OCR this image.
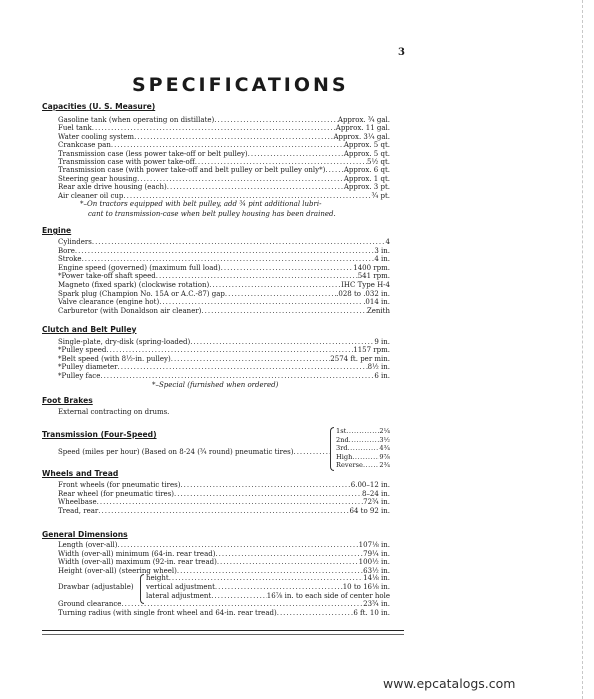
3
SPECIFICATIONS
Capacities (U. S. Measure)
Gasoline tank (when operating on distillate) .....	Approx. ¾ gal.
Fuel tank .....	Approx. 11 gal.
Water cooling system .....	Approx. 3¼ gal.
Crankcase pan .....	Approx. 5 qt.
Transmission case (less power take-off or belt pulley) .....	Approx. 5 qt.
Transmission case with power take-off .....	5½ qt.
Transmission case (with power take-off and belt pulley or belt pulley only*) .....	Approx. 6 qt.
Steering gear housing .....	Approx. 1 qt.
Rear axle drive housing (each) .....	Approx. 3 pt.
Air cleaner oil cup .....	¾ pt.
*–On tractors equipped with belt pulley, add ¾ pint additional lubri-
cant to transmission-case when belt pulley housing has been drained.
Engine
Cylinders .....	4
Bore .....	3 in.
Stroke .....	4 in.
Engine speed (governed) (maximum full load) .....	1400 rpm.
*Power take-off shaft speed .....	541 rpm.
Magneto (fixed spark) (clockwise rotation) .....	IHC Type H-4
Spark plug (Champion No. 15A or A.C.-87) gap .....	.028 to .032 in.
Valve clearance (engine hot) .....	.014 in.
Carburetor (with Donaldson air cleaner) .....	Zenith
Clutch and Belt Pulley
Single-plate, dry-disk (spring-loaded) .....	9 in.
*Pulley speed .....	1157 rpm.
*Belt speed (with 8½-in. pulley) .....	2574 ft. per min.
*Pulley diameter .....	8½ in.
*Pulley face .....	6 in.
*–Special (furnished when ordered)
Foot Brakes
External contracting on drums.
Transmission (Four-Speed)
Speed (miles per hour) (Based on 8-24 (¾ round) pneumatic tires)
.....
1st .....	2¼
2nd .....	3½
3rd .....	4¾
High .....	9⅞
Reverse ..... 2¾
Wheels and Tread
Front wheels (for pneumatic tires) .....	6.00–12 in.
Rear wheel (for pneumatic tires) .....	8–24 in.
Wheelbase .....	72¾ in.
Tread, rear .....	64 to 92 in.
General Dimensions
Length (over-all) .....	107⅛ in.
Width (over-all) minimum (64-in. rear tread) .....	79¼ in.
Width (over-all) maximum (92-in. rear tread) .....	100½ in.
Height (over-all) (steering wheel) .....	63½ in.
Drawbar (adjustable)
height .....	14⅛ in.
vertical adjustment .....	10 to 16⅛ in.
lateral adjustment .....	16⅞ in. to each side of center hole
Ground clearance .....	23¾ in.
Turning radius (with single front wheel and 64-in. rear tread) .....	6 ft. 10 in.
www.epcatalogs.com
